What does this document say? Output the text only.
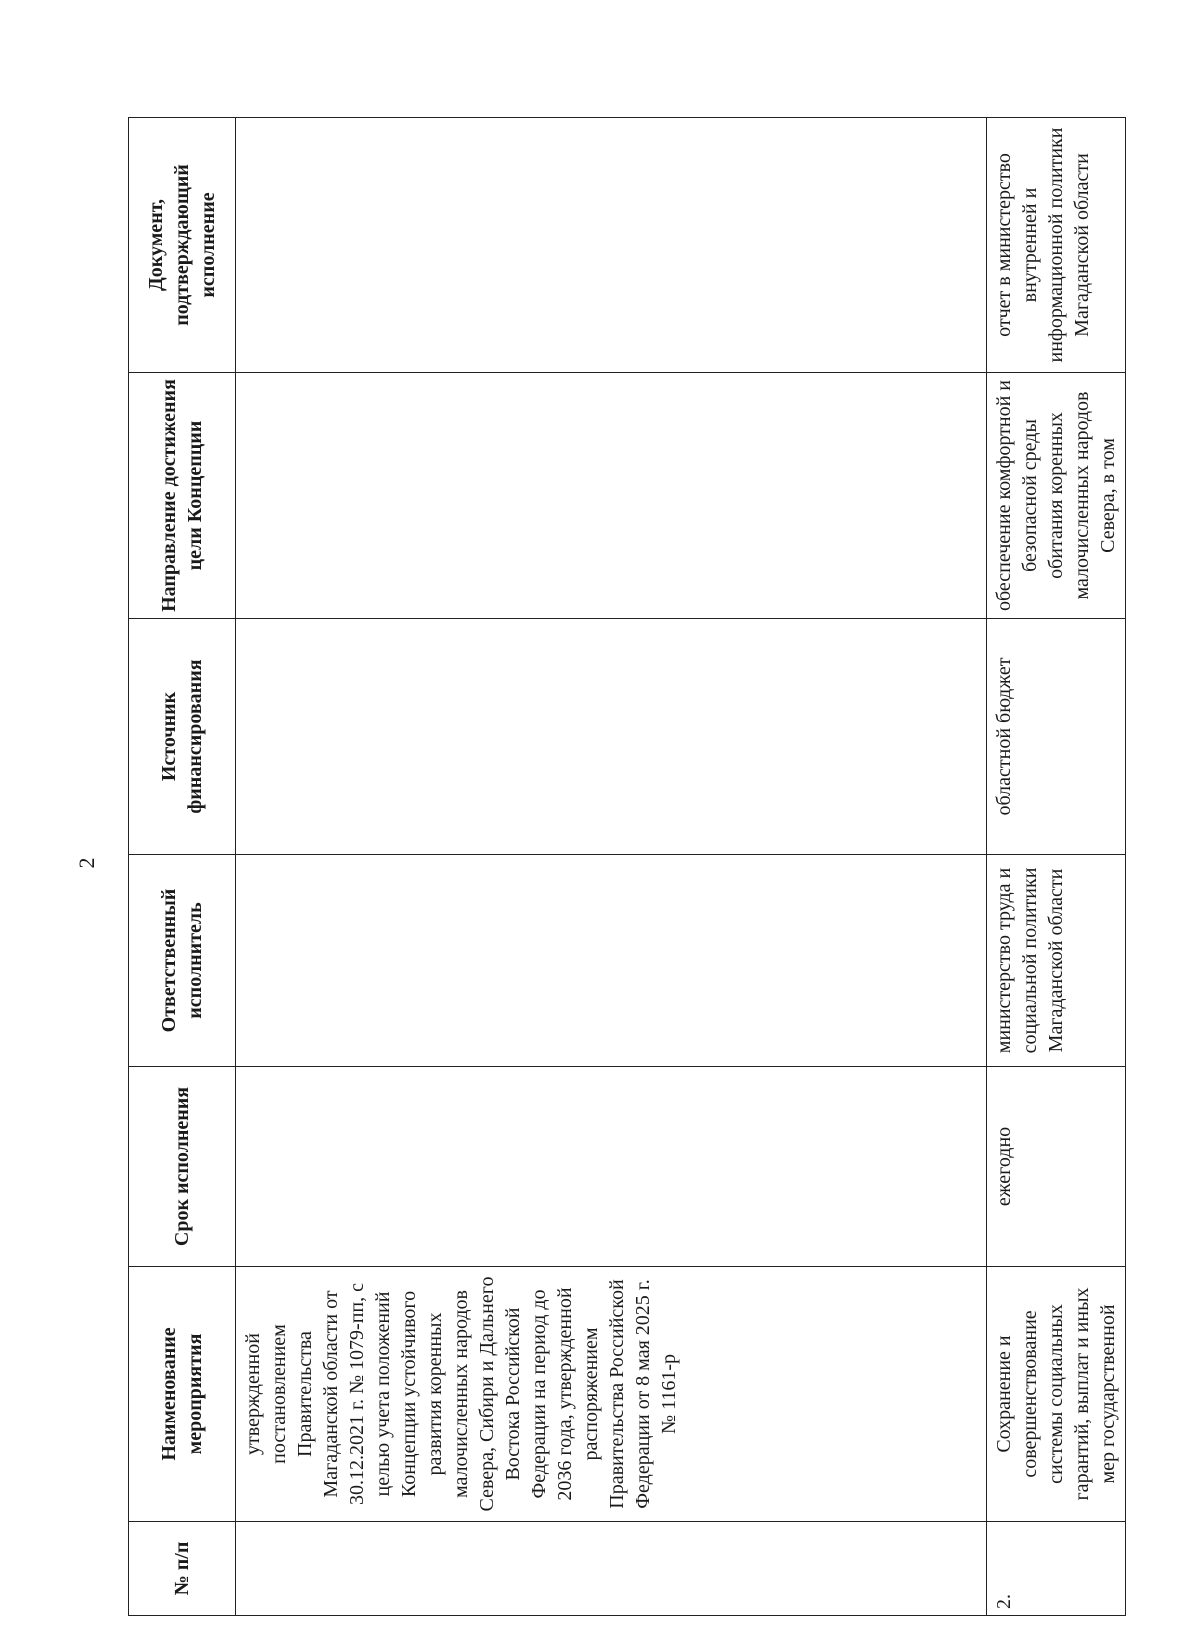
2
№ п/п	Наименование мероприятия	Срок исполнения	Ответственный исполнитель	Источник финансирования	Направление достижения цели Концепции	Документ, подтверждающий исполнение
	утвержденной постановлением Правительства Магаданской области от 30.12.2021 г. № 1079-пп, с целью учета положений Концепции устойчивого развития коренных малочисленных народов Севера, Сибири и Дальнего Востока Российской Федерации на период до 2036 года, утвержденной распоряжением Правительства Российской Федерации от 8 мая 2025 г. № 1161-р					
2.	Сохранение и совершенствование системы социальных гарантий, выплат и иных мер государственной	ежегодно	министерство труда и социальной политики Магаданской области	областной бюджет	обеспечение комфортной и безопасной среды обитания коренных малочисленных народов Севера, в том	отчет в министерство внутренней и информационной политики Магаданской области
